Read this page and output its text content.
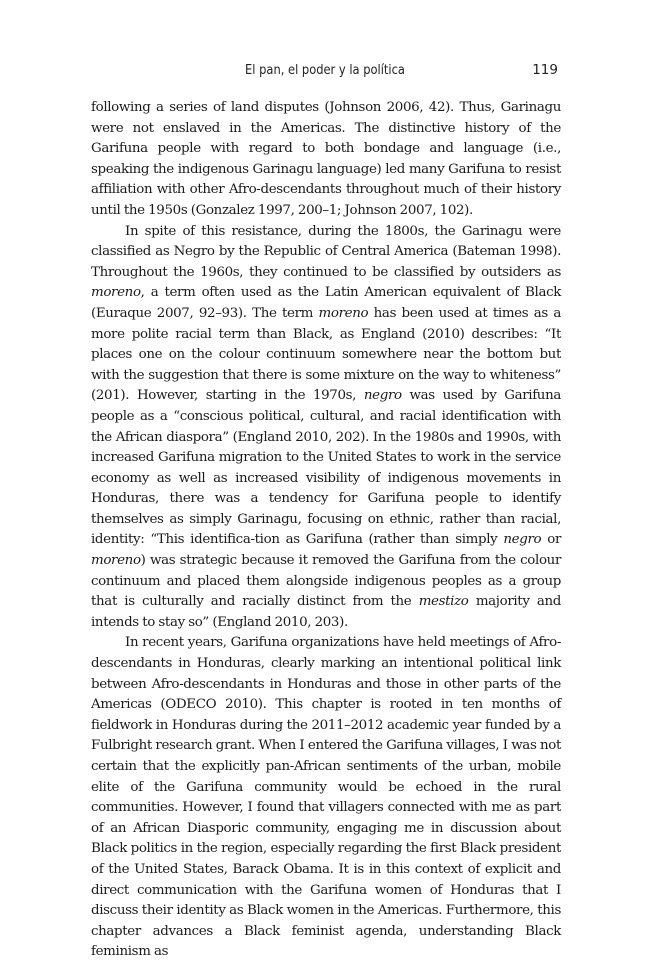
El pan, el poder y la política	119

following a series of land disputes (Johnson 2006, 42). Thus, Garinagu were not enslaved in the Americas. The distinctive history of the Garifuna people with regard to both bondage and language (i.e., speaking the indigenous Garinagu language) led many Garifuna to resist affiliation with other Afro-descendants throughout much of their history until the 1950s (Gonzalez 1997, 200–1; Johnson 2007, 102).

In spite of this resistance, during the 1800s, the Garinagu were classified as Negro by the Republic of Central America (Bateman 1998). Throughout the 1960s, they continued to be classified by outsiders as moreno, a term often used as the Latin American equivalent of Black (Euraque 2007, 92–93). The term moreno has been used at times as a more polite racial term than Black, as England (2010) describes: “It places one on the colour continuum somewhere near the bottom but with the suggestion that there is some mixture on the way to whiteness” (201). However, starting in the 1970s, negro was used by Garifuna people as a “conscious political, cultural, and racial identification with the African diaspora” (England 2010, 202). In the 1980s and 1990s, with increased Garifuna migration to the United States to work in the service economy as well as increased visibility of indigenous movements in Honduras, there was a tendency for Garifuna people to identify themselves as simply Garinagu, focusing on ethnic, rather than racial, identity: “This identifica-tion as Garifuna (rather than simply negro or moreno) was strategic because it removed the Garifuna from the colour continuum and placed them alongside indigenous peoples as a group that is culturally and racially distinct from the mestizo majority and intends to stay so” (England 2010, 203).

In recent years, Garifuna organizations have held meetings of Afro-descendants in Honduras, clearly marking an intentional political link between Afro-descendants in Honduras and those in other parts of the Americas (ODECO 2010). This chapter is rooted in ten months of fieldwork in Honduras during the 2011–2012 academic year funded by a Fulbright research grant. When I entered the Garifuna villages, I was not certain that the explicitly pan-African sentiments of the urban, mobile elite of the Garifuna community would be echoed in the rural communities. However, I found that villagers connected with me as part of an African Diasporic community, engaging me in discussion about Black politics in the region, especially regarding the first Black president of the United States, Barack Obama. It is in this context of explicit and direct communication with the Garifuna women of Honduras that I discuss their identity as Black women in the Americas. Furthermore, this chapter advances a Black feminist agenda, understanding Black feminism as
